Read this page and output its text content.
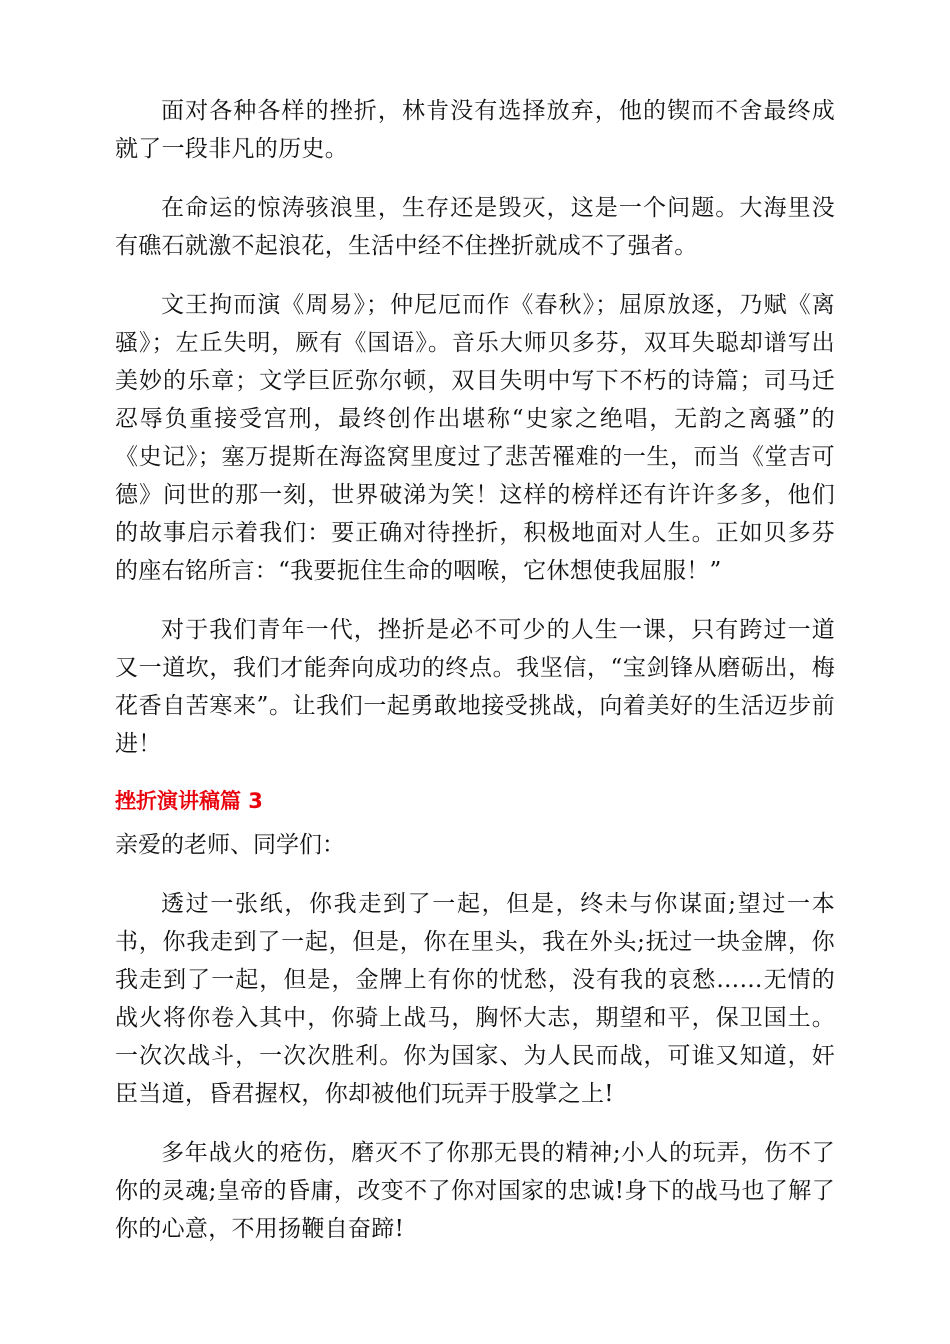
面对各种各样的挫折，林肯没有选择放弃，他的锲而不舍最终成就了一段非凡的历史。

在命运的惊涛骇浪里，生存还是毁灭，这是一个问题。大海里没有礁石就激不起浪花，生活中经不住挫折就成不了强者。

文王拘而演《周易》；仲尼厄而作《春秋》；屈原放逐，乃赋《离骚》；左丘失明，厥有《国语》。音乐大师贝多芬，双耳失聪却谱写出美妙的乐章；文学巨匠弥尔顿，双目失明中写下不朽的诗篇；司马迁忍辱负重接受宫刑，最终创作出堪称“史家之绝唱，无韵之离骚”的《史记》；塞万提斯在海盗窝里度过了悲苦罹难的一生，而当《堂吉可德》问世的那一刻，世界破涕为笑！这样的榜样还有许许多多，他们的故事启示着我们：要正确对待挫折，积极地面对人生。正如贝多芬的座右铭所言：“我要扼住生命的咽喉，它休想使我屈服！”

对于我们青年一代，挫折是必不可少的人生一课，只有跨过一道又一道坎，我们才能奔向成功的终点。我坚信，“宝剑锋从磨砺出，梅花香自苦寒来”。让我们一起勇敢地接受挑战，向着美好的生活迈步前进！

挫折演讲稿篇 3

亲爱的老师、同学们：

透过一张纸，你我走到了一起，但是，终未与你谋面;望过一本书，你我走到了一起，但是，你在里头，我在外头;抚过一块金牌，你我走到了一起，但是，金牌上有你的忧愁，没有我的哀愁……无情的战火将你卷入其中，你骑上战马，胸怀大志，期望和平，保卫国土。一次次战斗，一次次胜利。你为国家、为人民而战，可谁又知道，奸臣当道，昏君握权，你却被他们玩弄于股掌之上!

多年战火的疮伤，磨灭不了你那无畏的精神;小人的玩弄，伤不了你的灵魂;皇帝的昏庸，改变不了你对国家的忠诚!身下的战马也了解了你的心意，不用扬鞭自奋蹄!
